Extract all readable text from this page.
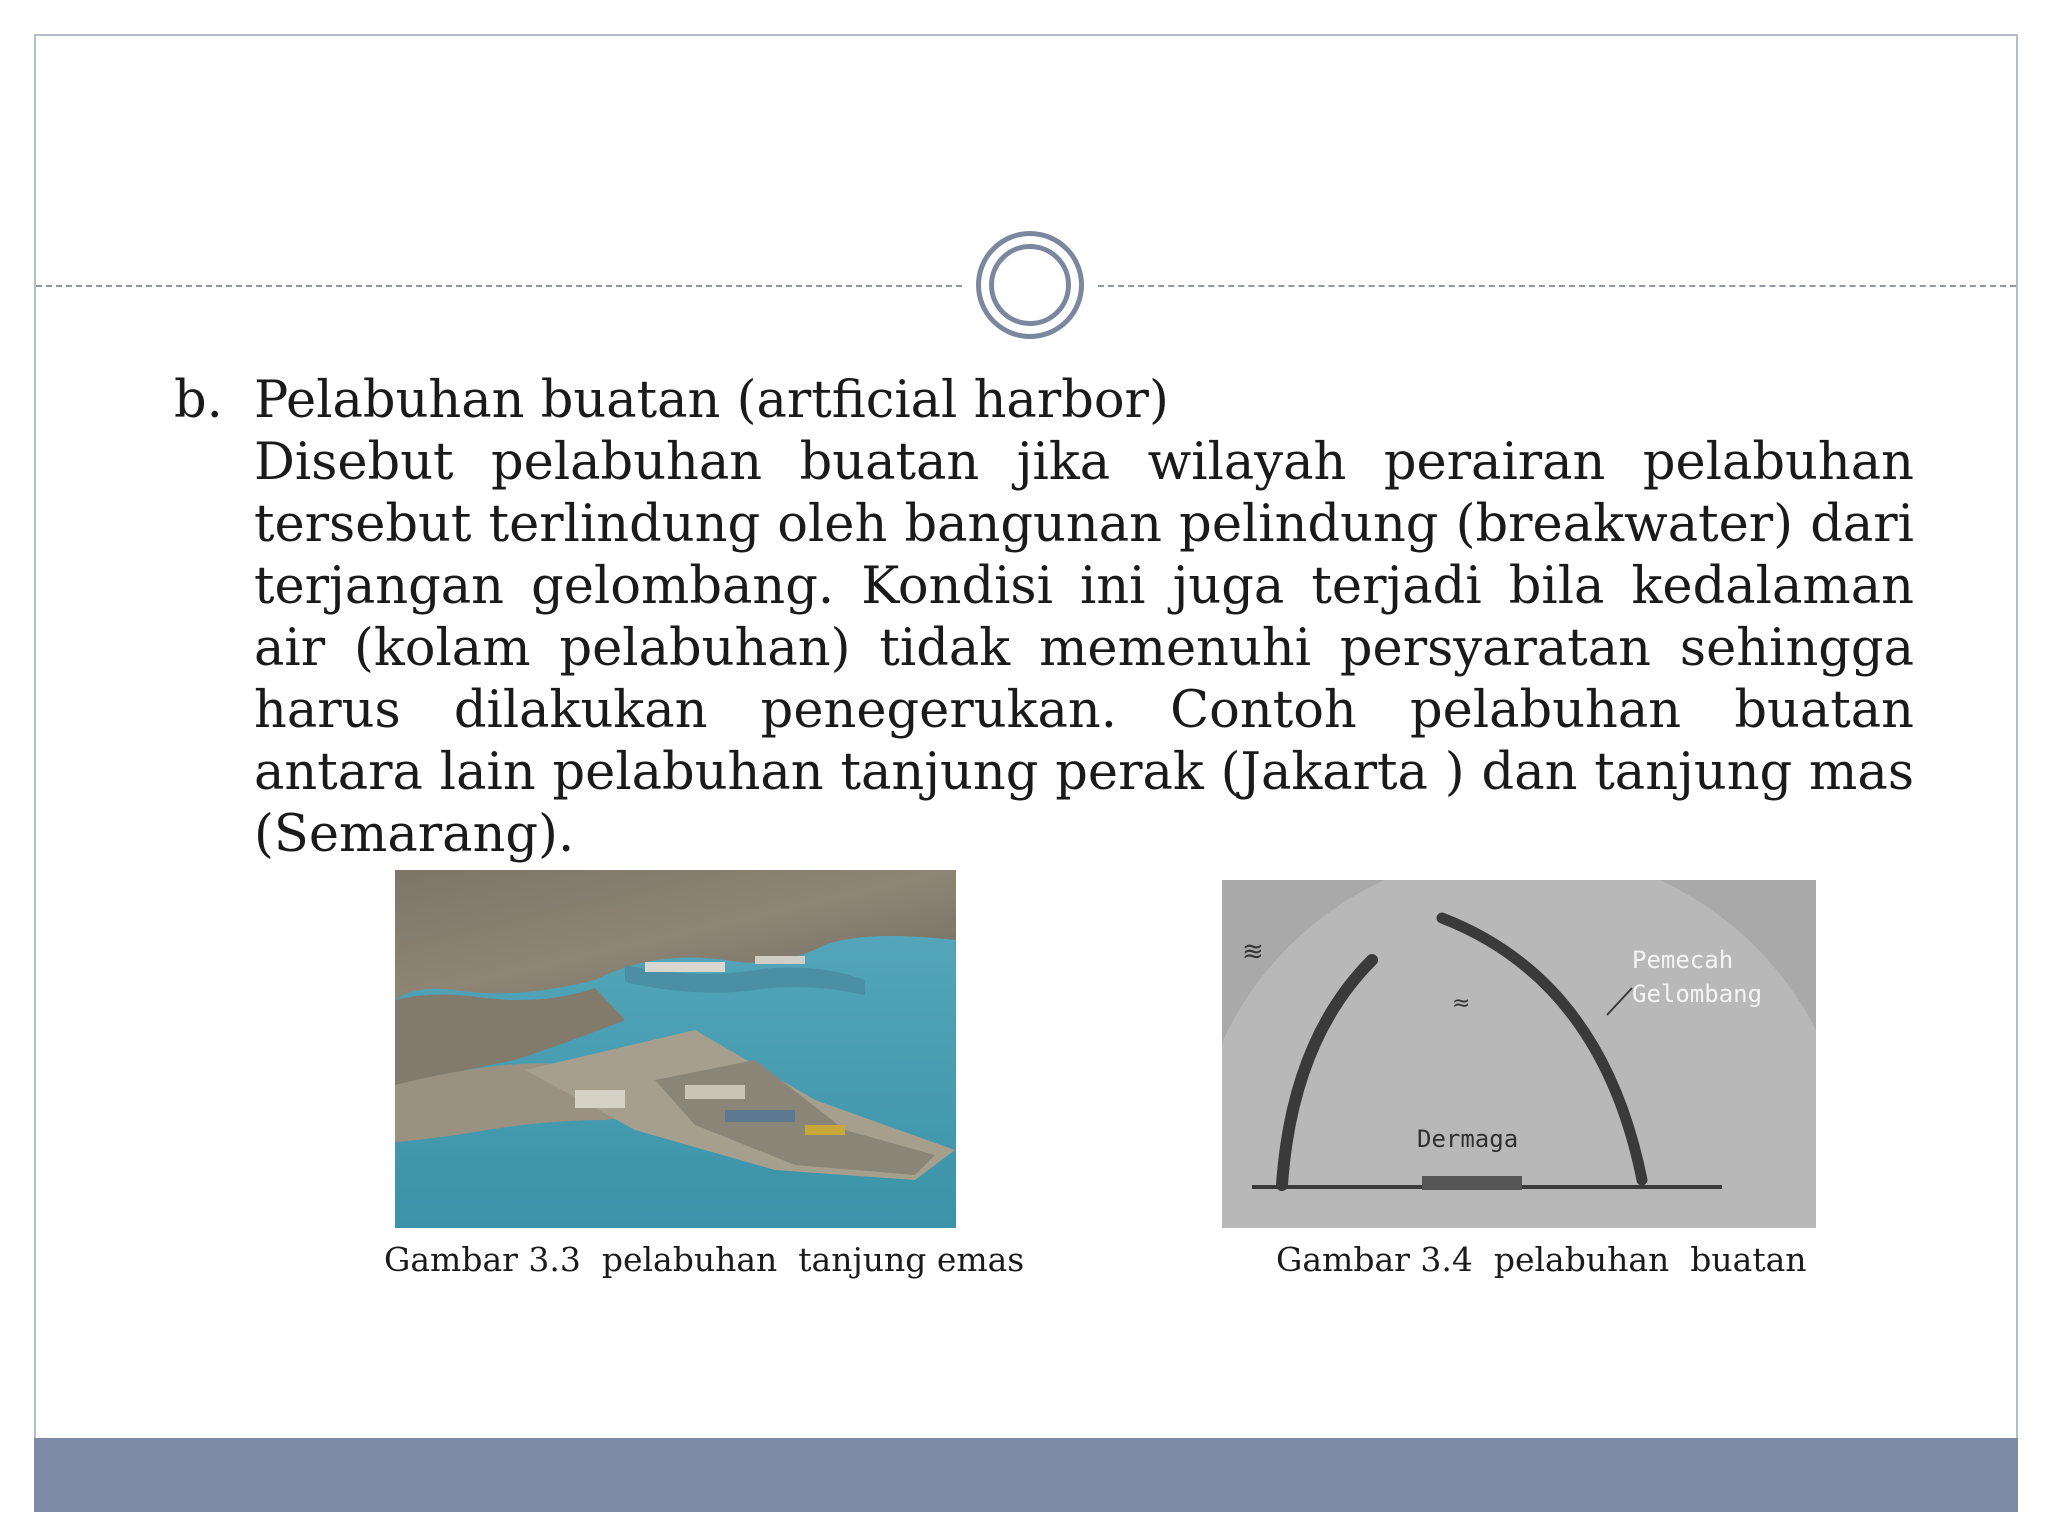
b. Pelabuhan buatan (artficial harbor)
Disebut pelabuhan buatan jika wilayah perairan pelabuhan tersebut terlindung oleh bangunan pelindung (breakwater) dari terjangan gelombang. Kondisi ini juga terjadi bila kedalaman air (kolam pelabuhan) tidak memenuhi persyaratan sehingga harus dilakukan penegerukan. Contoh pelabuhan buatan antara lain pelabuhan tanjung perak (Jakarta ) dan tanjung mas (Semarang).
Pemecah
Gelombang
Dermaga
≋
≈
Gambar 3.3  pelabuhan  tanjung emas	Gambar 3.4  pelabuhan  buatan
